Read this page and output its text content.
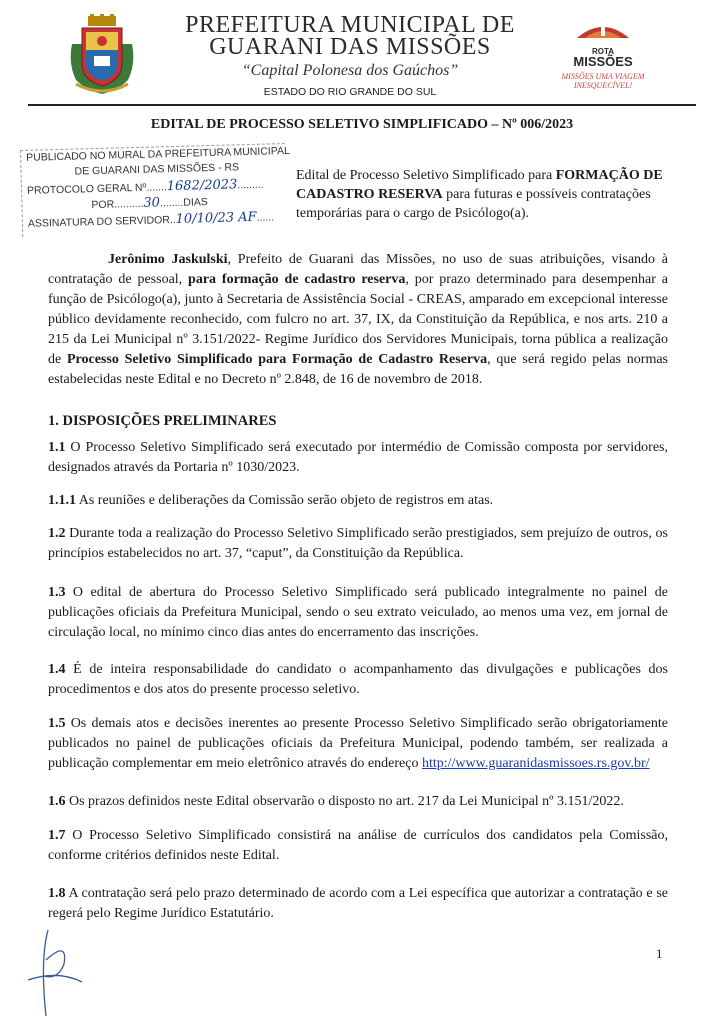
PREFEITURA MUNICIPAL DE
GUARANI DAS MISSÕES
“Capital Polonesa dos Gaúchos”
ESTADO DO RIO GRANDE DO SUL
ROTA
MISSÕES
MISSÕES UMA VIAGEM
INESQUECÍVEL!
EDITAL DE PROCESSO SELETIVO SIMPLIFICADO – Nº 006/2023
PUBLICADO NO MURAL DA PREFEITURA MUNICIPAL
DE GUARANI DAS MISSÕES - RS
PROTOCOLO GERAL Nº.......1682/2023.........
POR..........30........DIAS
ASSINATURA DO SERVIDOR..10/10/23 AF......
Edital de Processo Seletivo Simplificado para FORMAÇÃO DE CADASTRO RESERVA para futuras e possíveis contratações temporárias para o cargo de Psicólogo(a).
Jerônimo Jaskulski, Prefeito de Guarani das Missões, no uso de suas atribuições, visando à contratação de pessoal, para formação de cadastro reserva, por prazo determinado para desempenhar a função de Psicólogo(a), junto à Secretaria de Assistência Social - CREAS, amparado em excepcional interesse público devidamente reconhecido, com fulcro no art. 37, IX, da Constituição da República, e nos arts. 210 a 215 da Lei Municipal nº 3.151/2022- Regime Jurídico dos Servidores Municipais, torna pública a realização de Processo Seletivo Simplificado para Formação de Cadastro Reserva, que será regido pelas normas estabelecidas neste Edital e no Decreto nº 2.848, de 16 de novembro de 2018.
1. DISPOSIÇÕES PRELIMINARES
1.1 O Processo Seletivo Simplificado será executado por intermédio de Comissão composta por servidores, designados através da Portaria nº 1030/2023.
1.1.1 As reuniões e deliberações da Comissão serão objeto de registros em atas.
1.2 Durante toda a realização do Processo Seletivo Simplificado serão prestigiados, sem prejuízo de outros, os princípios estabelecidos no art. 37, “caput”, da Constituição da República.
1.3 O edital de abertura do Processo Seletivo Simplificado será publicado integralmente no painel de publicações oficiais da Prefeitura Municipal, sendo o seu extrato veiculado, ao menos uma vez, em jornal de circulação local, no mínimo cinco dias antes do encerramento das inscrições.
1.4 É de inteira responsabilidade do candidato o acompanhamento das divulgações e publicações dos procedimentos e dos atos do presente processo seletivo.
1.5 Os demais atos e decisões inerentes ao presente Processo Seletivo Simplificado serão obrigatoriamente publicados no painel de publicações oficiais da Prefeitura Municipal, podendo também, ser realizada a publicação complementar em meio eletrônico através do endereço http://www.guaranidasmissoes.rs.gov.br/
1.6 Os prazos definidos neste Edital observarão o disposto no art. 217 da Lei Municipal nº 3.151/2022.
1.7 O Processo Seletivo Simplificado consistirá na análise de currículos dos candidatos pela Comissão, conforme critérios definidos neste Edital.
1.8 A contratação será pelo prazo determinado de acordo com a Lei específica que autorizar a contratação e se regerá pelo Regime Jurídico Estatutário.
1
